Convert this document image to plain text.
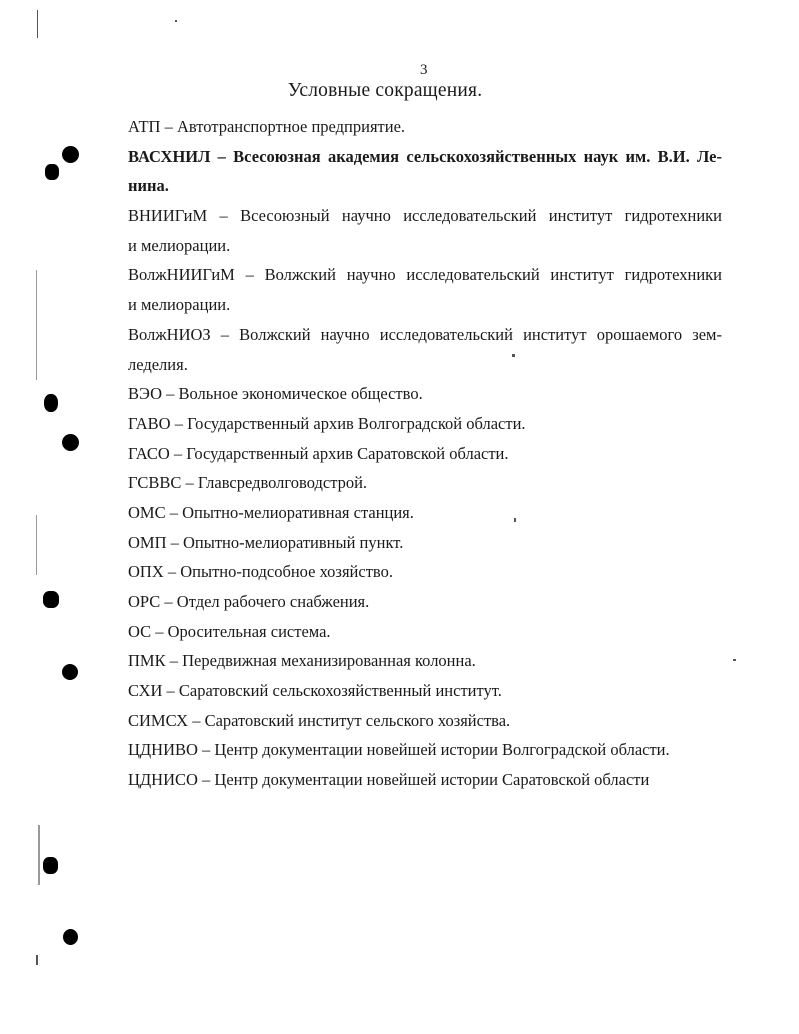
3
Условные сокращения.

АТП – Автотранспортное предприятие.

ВАСХНИЛ – Всесоюзная академия сельскохозяйственных наук им. В.И. Ле-
нина.

ВНИИГиМ – Всесоюзный научно исследовательский институт гидротехники
и мелиорации.

ВолжНИИГиМ – Волжский научно исследовательский институт гидротехники
и мелиорации.

ВолжНИОЗ – Волжский научно исследовательский институт орошаемого зем-
леделия.

ВЭО – Вольное экономическое общество.

ГАВО – Государственный архив Волгоградской области.

ГАСО – Государственный архив Саратовской области.

ГСВВС – Главсредволговодстрой.

ОМС – Опытно-мелиоративная станция.

ОМП – Опытно-мелиоративный пункт.

ОПХ – Опытно-подсобное хозяйство.

ОРС – Отдел рабочего снабжения.

ОС – Оросительная система.

ПМК – Передвижная механизированная колонна.

СХИ – Саратовский сельскохозяйственный институт.

СИМСХ – Саратовский институт сельского хозяйства.

ЦДНИВО – Центр документации новейшей истории Волгоградской области.

ЦДНИСО – Центр документации новейшей истории Саратовской области
